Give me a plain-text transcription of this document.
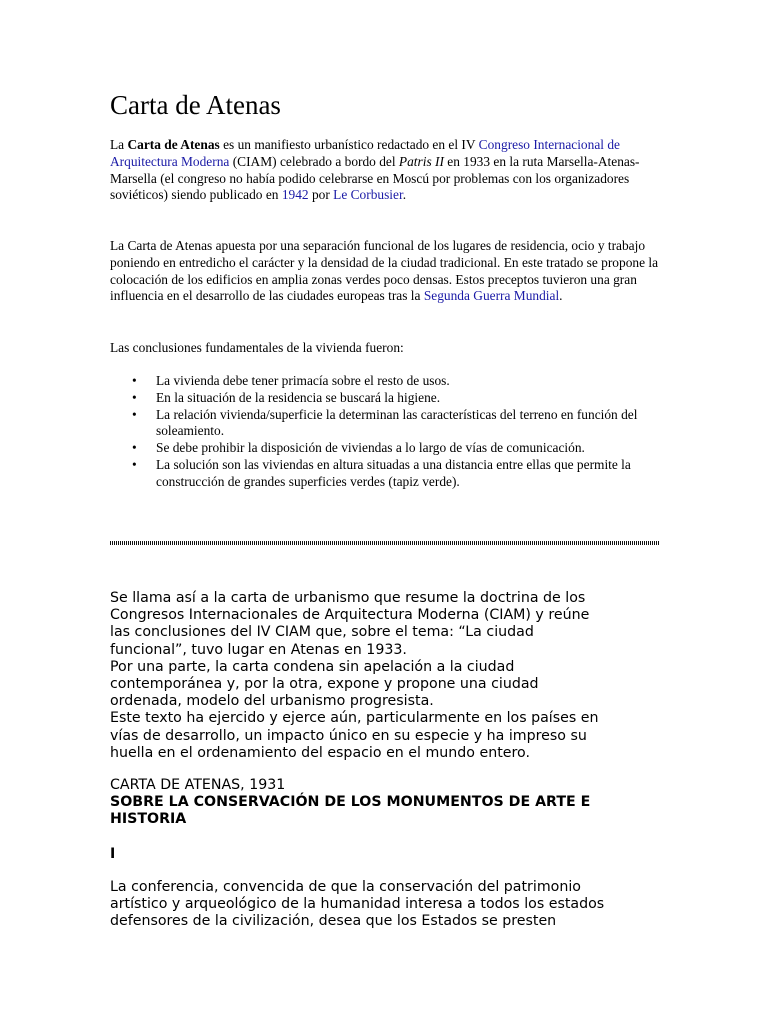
Carta de Atenas
La Carta de Atenas es un manifiesto urbanístico redactado en el IV Congreso Internacional de Arquitectura Moderna (CIAM) celebrado a bordo del Patris II en 1933 en la ruta Marsella-Atenas-Marsella (el congreso no había podido celebrarse en Moscú por problemas con los organizadores soviéticos) siendo publicado en 1942 por Le Corbusier.
La Carta de Atenas apuesta por una separación funcional de los lugares de residencia, ocio y trabajo poniendo en entredicho el carácter y la densidad de la ciudad tradicional. En este tratado se propone la colocación de los edificios en amplia zonas verdes poco densas. Estos preceptos tuvieron una gran influencia en el desarrollo de las ciudades europeas tras la Segunda Guerra Mundial.
Las conclusiones fundamentales de la vivienda fueron:
• La vivienda debe tener primacía sobre el resto de usos.
• En la situación de la residencia se buscará la higiene.
• La relación vivienda/superficie la determinan las características del terreno en función del soleamiento.
• Se debe prohibir la disposición de viviendas a lo largo de vías de comunicación.
• La solución son las viviendas en altura situadas a una distancia entre ellas que permite la construcción de grandes superficies verdes (tapiz verde).
Se llama así a la carta de urbanismo que resume la doctrina de los
Congresos Internacionales de Arquitectura Moderna (CIAM) y reúne
las conclusiones del IV CIAM que, sobre el tema: “La ciudad
funcional”, tuvo lugar en Atenas en 1933.
Por una parte, la carta condena sin apelación a la ciudad
contemporánea y, por la otra, expone y propone una ciudad
ordenada, modelo del urbanismo progresista.
Este texto ha ejercido y ejerce aún, particularmente en los países en
vías de desarrollo, un impacto único en su especie y ha impreso su
huella en el ordenamiento del espacio en el mundo entero.
CARTA DE ATENAS, 1931
SOBRE LA CONSERVACIÓN DE LOS MONUMENTOS DE ARTE E
HISTORIA
I
La conferencia, convencida de que la conservación del patrimonio
artístico y arqueológico de la humanidad interesa a todos los estados
defensores de la civilización, desea que los Estados se presten
